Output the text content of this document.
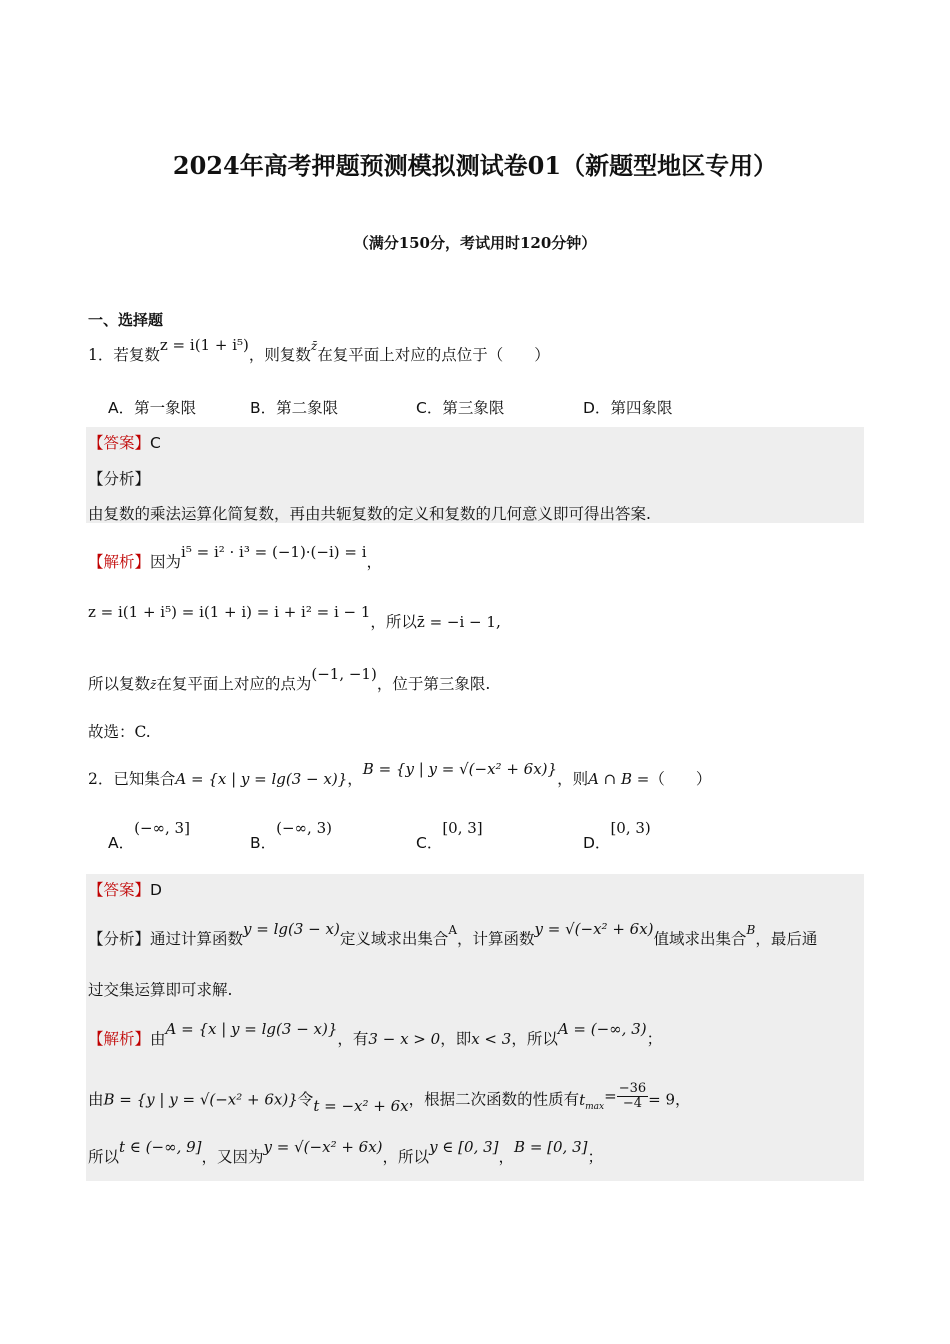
2024年高考押题预测模拟测试卷01（新题型地区专用）
（满分150分，考试用时120分钟）
一、选择题
1．若复数z = i(1 + i⁵)，则复数$^{z̄}$在复平面上对应的点位于（　　）
A．第一象限	B．第二象限	C．第三象限	D．第四象限
【答案】C
【分析】
由复数的乘法运算化简复数，再由共轭复数的定义和复数的几何意义即可得出答案.
【解析】因为i⁵ = i² · i³ = (−1)·(−i) = i，
z = i(1 + i⁵) = i(1 + i) = i + i² = i − 1，所以z̄ = −i − 1,
所以复数z̄在复平面上对应的点为(−1, −1)，位于第三象限.
故选：C.
2．已知集合A = {x | y = lg(3 − x)}，B = {y | y = √(−x² + 6x)}，则A ∩ B =（　　）
A．(−∞, 3]
B．(−∞, 3)
C．[0, 3]
D．[0, 3)
【答案】D
【分析】通过计算函数y = lg(3 − x)定义域求出集合$^A$，计算函数y = √(−x² + 6x)值域求出集合$^B$，最后通
过交集运算即可求解.
【解析】由A = {x | y = lg(3 − x)}，有3 − x > 0，即x < 3，所以A = (−∞, 3)；
由B = {y | y = √(−x² + 6x)}令t = −x² + 6x，根据二次函数的性质有$t_{max}= \frac{-36}{-4} = 9$，
所以t ∈ (−∞, 9]，又因为y = √(−x² + 6x)，所以y ∈ [0, 3]，B = [0, 3]；
